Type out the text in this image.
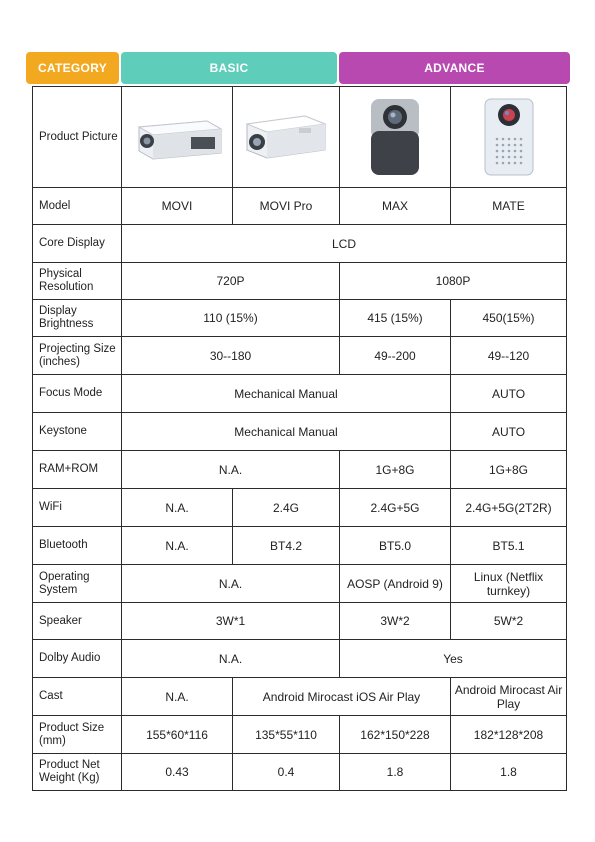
CATEGORY	BASIC	ADVANCE
Product Picture	

Model	MOVI	MOVI Pro	MAX	MATE
Core Display	LCD			
Physical Resolution	720P		1080P	
Display Brightness	110 (15%)		415 (15%)	450(15%)
Projecting Size (inches)	30--180		49--200	49--120
Focus Mode	Mechanical Manual			AUTO
Keystone	Mechanical Manual			AUTO
RAM+ROM	N.A.		1G+8G	1G+8G
WiFi	N.A.	2.4G	2.4G+5G	2.4G+5G(2T2R)
Bluetooth	N.A.	BT4.2	BT5.0	BT5.1
Operating System	N.A.		AOSP (Android 9)	Linux (Netflix turnkey)
Speaker	3W*1		3W*2	5W*2
Dolby Audio	N.A.		Yes	
Cast	N.A.	Android Mirocast iOS Air Play		Android Mirocast Air Play
Product Size (mm)	155*60*116	135*55*110	162*150*228	182*128*208
Product Net Weight (Kg)	0.43	0.4	1.8	1.8
